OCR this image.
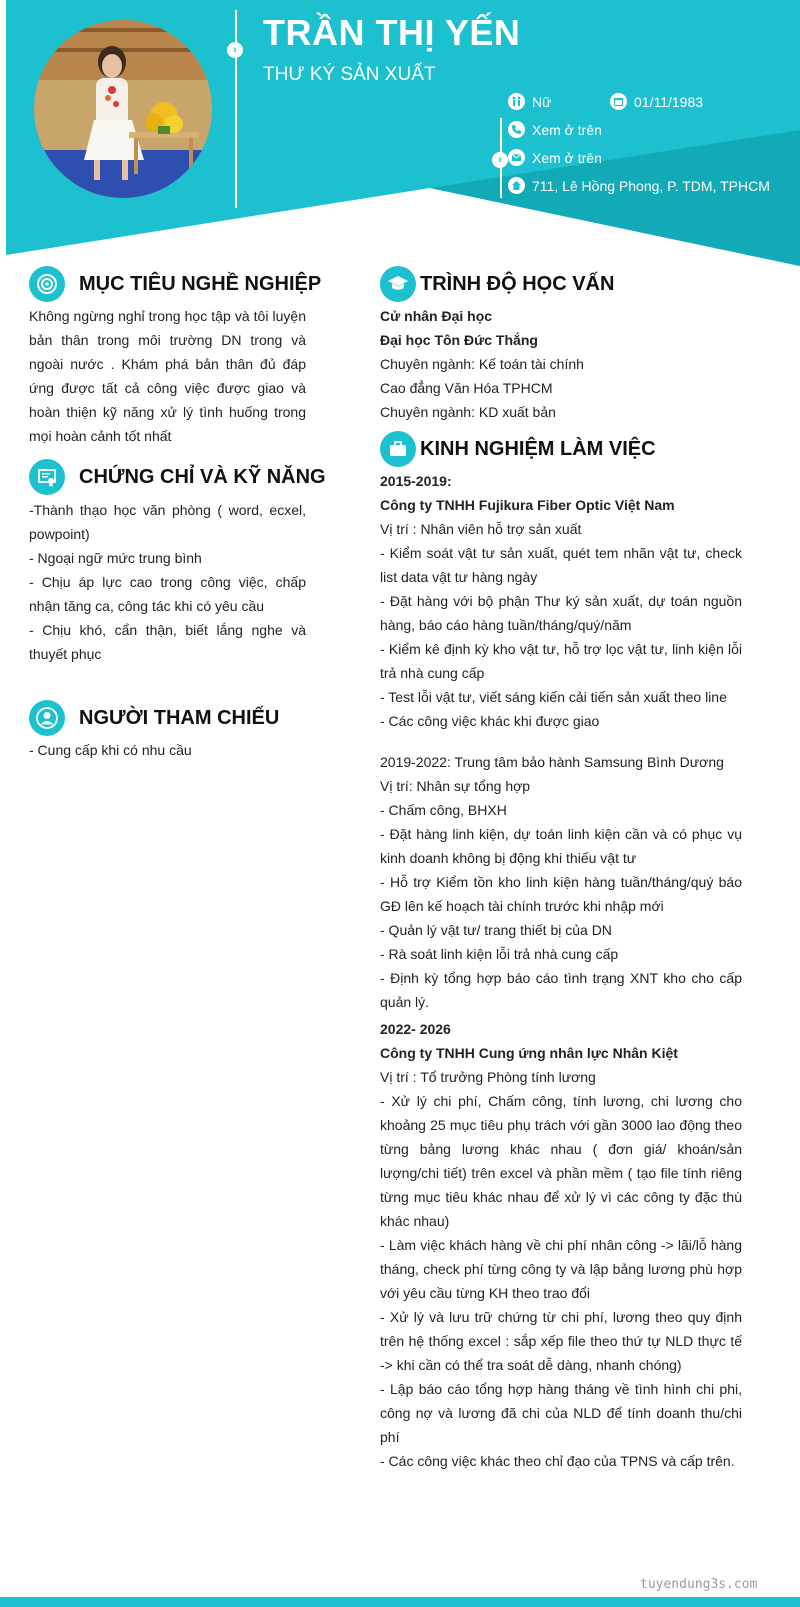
› TRẦN THỊ YẾN
THƯ KÝ SẢN XUẤT
›
Nữ	01/11/1983
Xem ở trên
Xem ở trên
711, Lê Hồng Phong, P. TDM, TPHCM
MỤC TIÊU NGHỀ NGHIỆP
Không ngừng nghỉ trong học tập và tôi luyện bản thân trong môi trường DN trong và ngoài nước . Khám phá bản thân đủ đáp ứng được tất cả công việc được giao và hoàn thiện kỹ năng xử lý tình huống trong mọi hoàn cảnh tốt nhất
CHỨNG CHỈ VÀ KỸ NĂNG

-Thành thạo học văn phòng ( word, ecxel, powpoint)

- Ngoại ngữ mức trung bình

- Chịu áp lực cao trong công việc, chấp nhận tăng ca, công tác khi có yêu cầu

- Chịu khó, cẩn thận, biết lắng nghe và thuyết phục

NGƯỜI THAM CHIẾU
- Cung cấp khi có nhu cầu
TRÌNH ĐỘ HỌC VẤN

Cử nhân Đại học

Đại học Tôn Đức Thắng

Chuyên ngành: Kế toán tài chính

Cao đẳng Văn Hóa TPHCM

Chuyên ngành: KD xuất bản

KINH NGHIỆM LÀM VIỆC

2015-2019:

Công ty TNHH Fujikura Fiber Optic Việt Nam

Vị trí : Nhân viên hỗ trợ sản xuất

- Kiểm soát vật tư sản xuất, quét tem nhãn vật tư, check list data vật tư hàng ngày

- Đặt hàng với bộ phận Thư ký sản xuất, dự toán nguồn hàng, báo cáo hàng tuần/tháng/quý/năm

- Kiểm kê định kỳ kho vật tư, hỗ trợ lọc vật tư, linh kiện lỗi trả nhà cung cấp

- Test lỗi vật tư, viết sáng kiến cải tiến sản xuất theo line

- Các công việc khác khi được giao

2019-2022: Trung tâm bảo hành Samsung Bình Dương

Vị trí: Nhân sự tổng hợp

- Chấm công, BHXH

- Đặt hàng linh kiện, dự toán linh kiện cần và có phục vụ kinh doanh không bị động khi thiếu vật tư

- Hỗ trợ Kiểm tồn kho linh kiện hàng tuần/tháng/quý báo GĐ lên kế hoạch tài chính trước khi nhập mới

- Quản lý vật tư/ trang thiết bị của DN

- Rà soát linh kiện lỗi trả nhà cung cấp

- Định kỳ tổng hợp báo cáo tình trạng XNT kho cho cấp quản lý.

2022- 2026

Công ty TNHH Cung ứng nhân lực Nhân Kiệt

Vị trí : Tổ trưởng Phòng tính lương

- Xử lý chi phí, Chấm công, tính lương, chi lương cho khoảng 25 mục tiêu phụ trách với gần 3000 lao động theo từng bảng lương khác nhau ( đơn giá/ khoán/sản lượng/chi tiết) trên excel và phần mềm ( tạo file tính riêng từng mục tiêu khác nhau để xử lý vì các công ty đặc thù khác nhau)

- Làm việc khách hàng về chi phí nhân công -> lãi/lỗ hàng tháng, check phí từng công ty và lập bảng lương phù hợp với yêu cầu từng KH theo trao đổi

- Xử lý và lưu trữ chứng từ chi phí, lương theo quy định trên hệ thống excel : sắp xếp file theo thứ tự NLD thực tế -> khi cần có thể tra soát dễ dàng, nhanh chóng)

- Lập báo cáo tổng hợp hàng tháng về tình hình chi phi, công nợ và lương đã chi của NLD để tính doanh thu/chi phí

- Các công việc khác theo chỉ đạo của TPNS và cấp trên.

tuyendung3s.com
